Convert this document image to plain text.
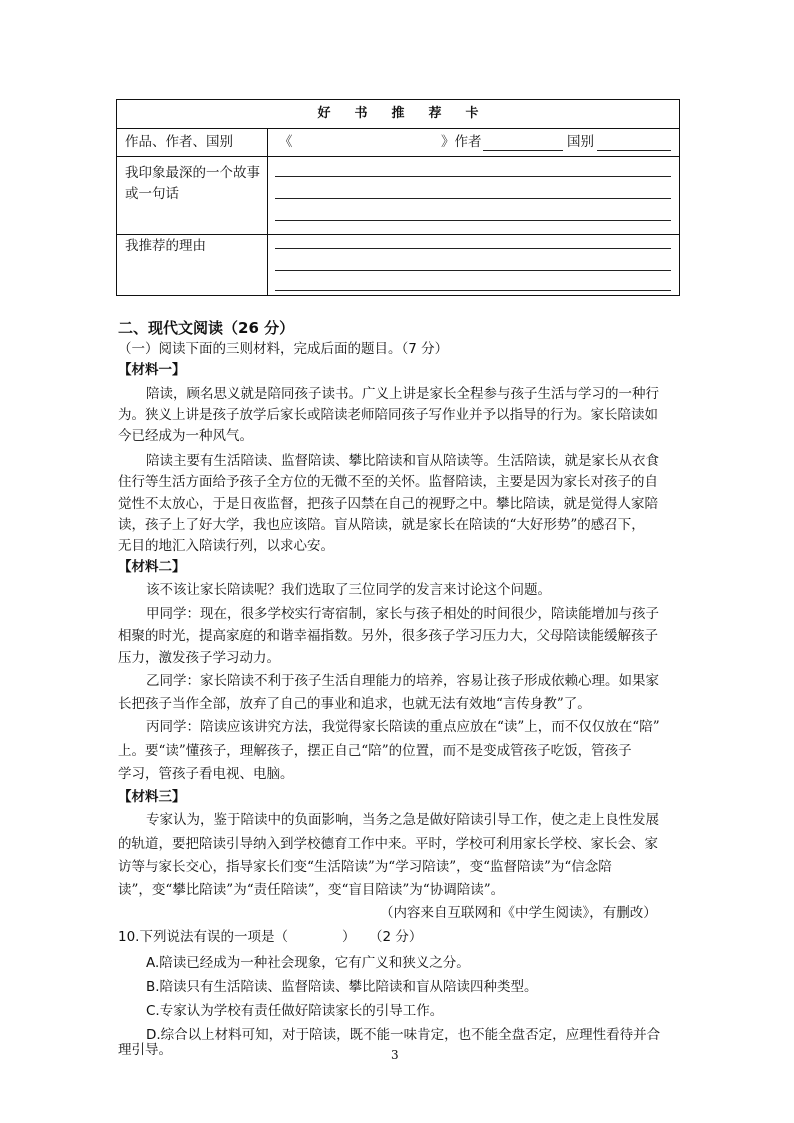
好书推荐卡
作品、作者、国别	《	》作者	国别
我印象最深的一个故事
或一句话
我推荐的理由
二、现代文阅读（26 分）
（一）阅读下面的三则材料，完成后面的题目。（7 分）
【材料一】
陪读，顾名思义就是陪同孩子读书。广义上讲是家长全程参与孩子生活与学习的一种行
为。狭义上讲是孩子放学后家长或陪读老师陪同孩子写作业并予以指导的行为。家长陪读如
今已经成为一种风气。
陪读主要有生活陪读、监督陪读、攀比陪读和盲从陪读等。生活陪读，就是家长从衣食
住行等生活方面给予孩子全方位的无微不至的关怀。监督陪读，主要是因为家长对孩子的自
觉性不太放心，于是日夜监督，把孩子囚禁在自己的视野之中。攀比陪读，就是觉得人家陪
读，孩子上了好大学，我也应该陪。盲从陪读，就是家长在陪读的“大好形势”的感召下，
无目的地汇入陪读行列，以求心安。
【材料二】
该不该让家长陪读呢？我们选取了三位同学的发言来讨论这个问题。
甲同学：现在，很多学校实行寄宿制，家长与孩子相处的时间很少，陪读能增加与孩子
相聚的时光，提高家庭的和谐幸福指数。另外，很多孩子学习压力大，父母陪读能缓解孩子
压力，激发孩子学习动力。
乙同学：家长陪读不利于孩子生活自理能力的培养，容易让孩子形成依赖心理。如果家
长把孩子当作全部，放弃了自己的事业和追求，也就无法有效地“言传身教”了。
丙同学：陪读应该讲究方法，我觉得家长陪读的重点应放在“读”上，而不仅仅放在“陪”
上。要“读”懂孩子，理解孩子，摆正自己“陪”的位置，而不是变成管孩子吃饭，管孩子
学习，管孩子看电视、电脑。
【材料三】
专家认为，鉴于陪读中的负面影响，当务之急是做好陪读引导工作，使之走上良性发展
的轨道，要把陪读引导纳入到学校德育工作中来。平时，学校可利用家长学校、家长会、家
访等与家长交心，指导家长们变“生活陪读”为“学习陪读”，变“监督陪读”为“信念陪
读”，变“攀比陪读”为“责任陪读”，变“盲目陪读”为“协调陪读”。
（内容来自互联网和《中学生阅读》，有删改）
10.下列说法有误的一项是（　　　　）　　（2 分）
A.陪读已经成为一种社会现象，它有广义和狭义之分。
B.陪读只有生活陪读、监督陪读、攀比陪读和盲从陪读四种类型。
C.专家认为学校有责任做好陪读家长的引导工作。
D.综合以上材料可知，对于陪读，既不能一味肯定，也不能全盘否定，应理性看待并合
理引导。	3
